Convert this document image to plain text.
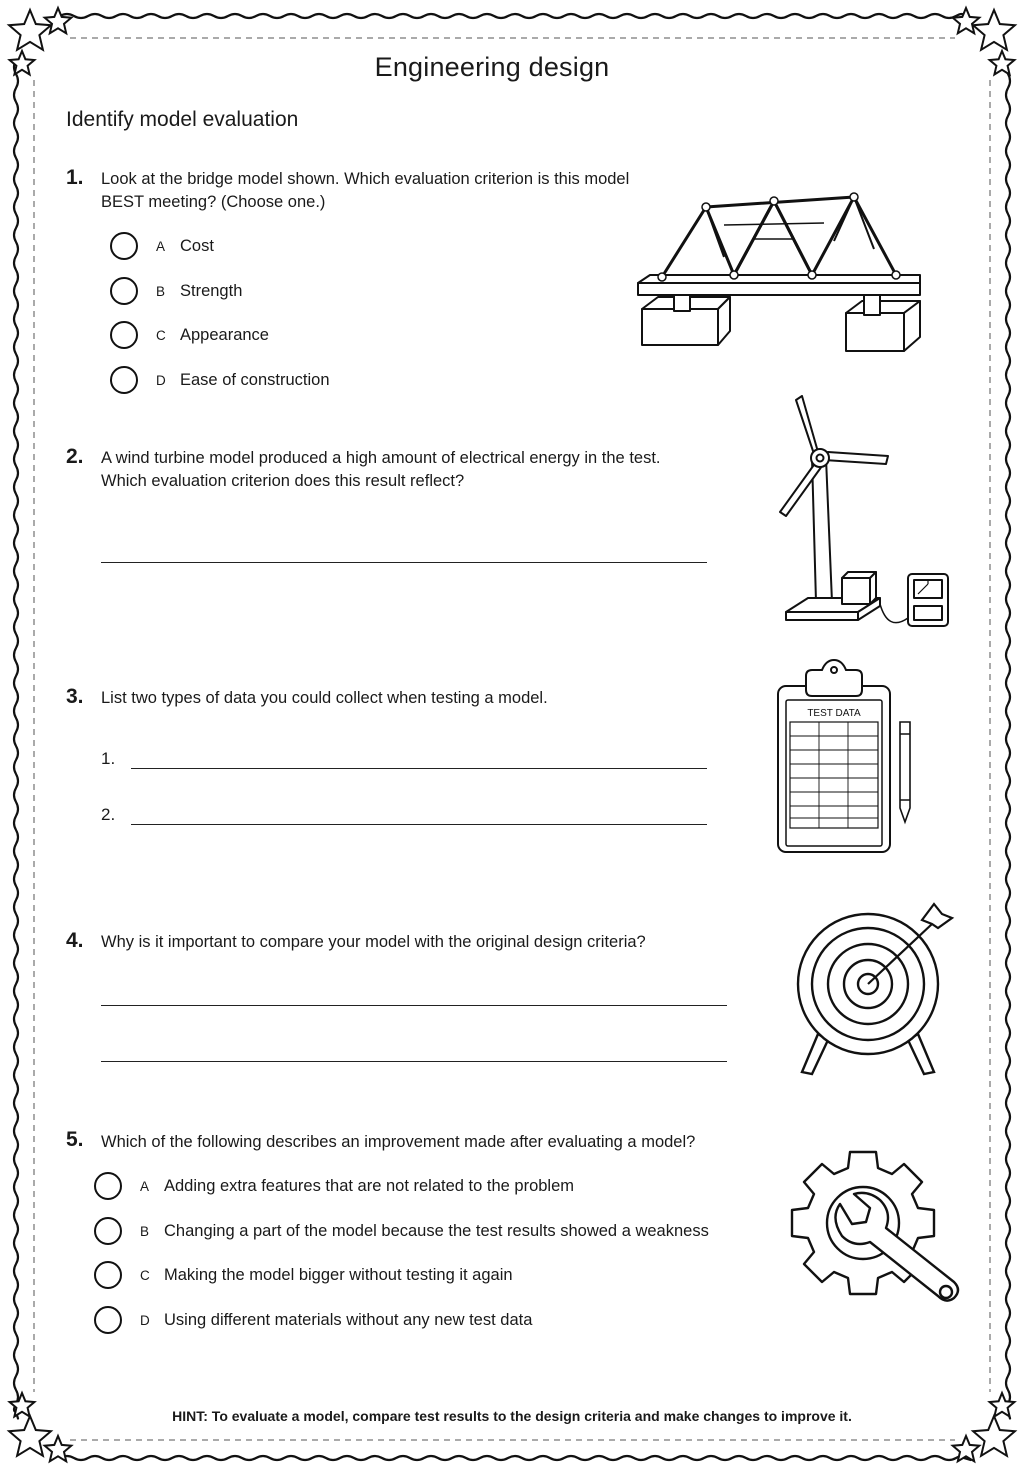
Engineering design
Identify model evaluation
1. Look at the bridge model shown. Which evaluation criterion is this model
BEST meeting? (Choose one.)
A Cost
B Strength
C Appearance
D Ease of construction
2. A wind turbine model produced a high amount of electrical energy in the test.
Which evaluation criterion does this result reflect?
3. List two types of data you could collect when testing a model.
1.
2.
TEST DATA
4. Why is it important to compare your model with the original design criteria?
5. Which of the following describes an improvement made after evaluating a model?
A Adding extra features that are not related to the problem
B Changing a part of the model because the test results showed a weakness
C Making the model bigger without testing it again
D Using different materials without any new test data
HINT: To evaluate a model, compare test results to the design criteria and make changes to improve it.
